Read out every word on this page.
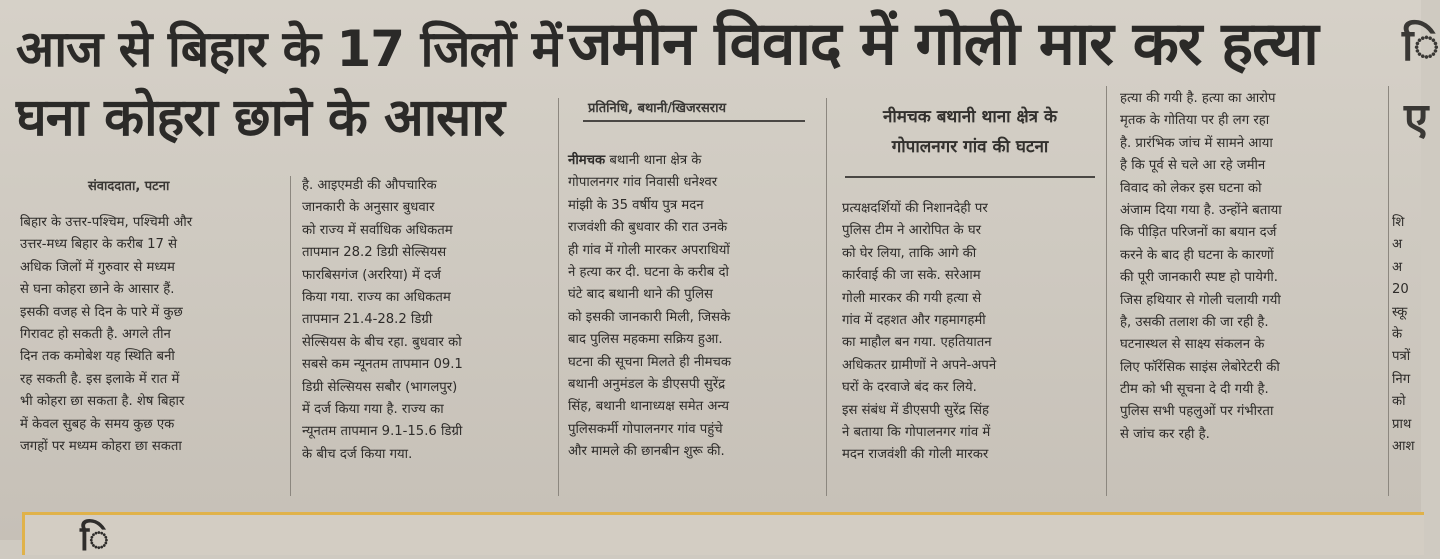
आज से बिहार के 17 जिलों में
घना कोहरा छाने के आसार
जमीन विवाद में गोली मार कर हत्या ि
ए
संवाददाता, पटना
प्रतिनिधि, बथानी/खिजरसराय	नीमचक बथानी थाना क्षेत्र के
गोपालनगर गांव की घटना
बिहार के उत्तर-पश्चिम, पश्चिमी और
उत्तर-मध्य बिहार के करीब 17 से
अधिक जिलों में गुरुवार से मध्यम
से घना कोहरा छाने के आसार हैं.
इसकी वजह से दिन के पारे में कुछ
गिरावट हो सकती है. अगले तीन
दिन तक कमोबेश यह स्थिति बनी
रह सकती है. इस इलाके में रात में
भी कोहरा छा सकता है. शेष बिहार
में केवल सुबह के समय कुछ एक
जगहों पर मध्यम कोहरा छा सकता
है. आइएमडी की औपचारिक
जानकारी के अनुसार बुधवार
को राज्य में सर्वाधिक अधिकतम
तापमान 28.2 डिग्री सेल्सियस
फारबिसगंज (अररिया) में दर्ज
किया गया. राज्य का अधिकतम
तापमान 21.4-28.2 डिग्री
सेल्सियस के बीच रहा. बुधवार को
सबसे कम न्यूनतम तापमान 09.1
डिग्री सेल्सियस सबौर (भागलपुर)
में दर्ज किया गया है. राज्य का
न्यूनतम तापमान 9.1-15.6 डिग्री
के बीच दर्ज किया गया.
नीमचक बथानी थाना क्षेत्र के
गोपालनगर गांव निवासी धनेश्वर
मांझी के 35 वर्षीय पुत्र मदन
राजवंशी की बुधवार की रात उनके
ही गांव में गोली मारकर अपराधियों
ने हत्या कर दी. घटना के करीब दो
घंटे बाद बथानी थाने की पुलिस
को इसकी जानकारी मिली, जिसके
बाद पुलिस महकमा सक्रिय हुआ.
घटना की सूचना मिलते ही नीमचक
बथानी अनुमंडल के डीएसपी सुरेंद्र
सिंह, बथानी थानाध्यक्ष समेत अन्य
पुलिसकर्मी गोपालनगर गांव पहुंचे
और मामले की छानबीन शुरू की.
प्रत्यक्षदर्शियों की निशानदेही पर
पुलिस टीम ने आरोपित के घर
को घेर लिया, ताकि आगे की
कार्रवाई की जा सके. सरेआम
गोली मारकर की गयी हत्या से
गांव में दहशत और गहमागहमी
का माहौल बन गया. एहतियातन
अधिकतर ग्रामीणों ने अपने-अपने
घरों के दरवाजे बंद कर लिये.
इस संबंध में डीएसपी सुरेंद्र सिंह
ने बताया कि गोपालनगर गांव में
मदन राजवंशी की गोली मारकर
हत्या की गयी है. हत्या का आरोप
मृतक के गोतिया पर ही लग रहा
है. प्रारंभिक जांच में सामने आया
है कि पूर्व से चले आ रहे जमीन
विवाद को लेकर इस घटना को
अंजाम दिया गया है. उन्होंने बताया
कि पीड़ित परिजनों का बयान दर्ज
करने के बाद ही घटना के कारणों
की पूरी जानकारी स्पष्ट हो पायेगी.
जिस हथियार से गोली चलायी गयी
है, उसकी तलाश की जा रही है.
घटनास्थल से साक्ष्य संकलन के
लिए फॉरेंसिक साइंस लेबोरेटरी की
टीम को भी सूचना दे दी गयी है.
पुलिस सभी पहलुओं पर गंभीरता
से जांच कर रही है.
शि
अ
अ
20
स्कू
के
पत्रों
निग
को
प्राथ
आश
ि
